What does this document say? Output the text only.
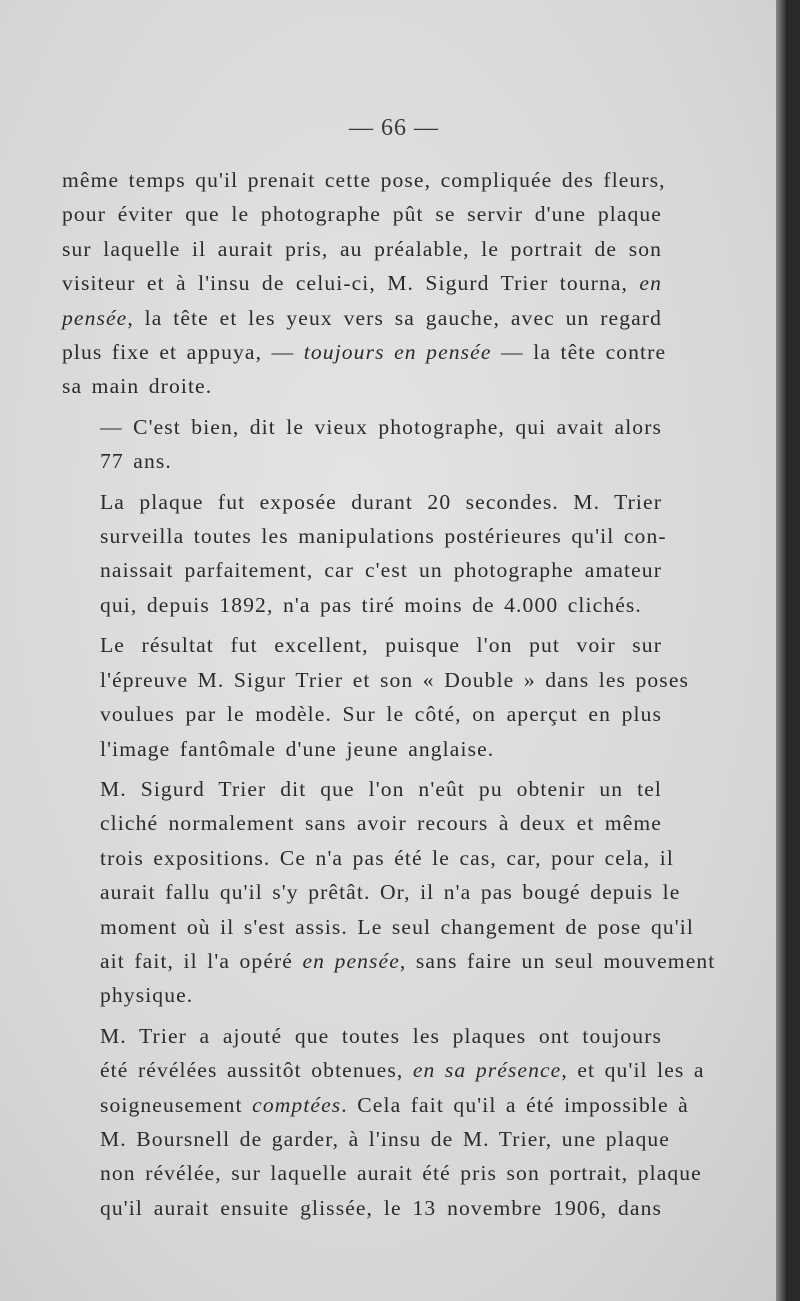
— 66 —

même temps qu'il prenait cette pose, compliquée des fleurs,
pour éviter que le photographe pût se servir d'une plaque
sur laquelle il aurait pris, au préalable, le portrait de son
visiteur et à l'insu de celui-ci, M. Sigurd Trier tourna, en
pensée, la tête et les yeux vers sa gauche, avec un regard
plus fixe et appuya, — toujours en pensée — la tête contre
sa main droite.

— C'est bien, dit le vieux photographe, qui avait alors
77 ans.

La plaque fut exposée durant 20 secondes. M. Trier
surveilla toutes les manipulations postérieures qu'il con-
naissait parfaitement, car c'est un photographe amateur
qui, depuis 1892, n'a pas tiré moins de 4.000 clichés.

Le résultat fut excellent, puisque l'on put voir sur
l'épreuve M. Sigur Trier et son « Double » dans les poses
voulues par le modèle. Sur le côté, on aperçut en plus
l'image fantômale d'une jeune anglaise.

M. Sigurd Trier dit que l'on n'eût pu obtenir un tel
cliché normalement sans avoir recours à deux et même
trois expositions. Ce n'a pas été le cas, car, pour cela, il
aurait fallu qu'il s'y prêtât. Or, il n'a pas bougé depuis le
moment où il s'est assis. Le seul changement de pose qu'il
ait fait, il l'a opéré en pensée, sans faire un seul mouvement
physique.

M. Trier a ajouté que toutes les plaques ont toujours
été révélées aussitôt obtenues, en sa présence, et qu'il les a
soigneusement comptées. Cela fait qu'il a été impossible à
M. Boursnell de garder, à l'insu de M. Trier, une plaque
non révélée, sur laquelle aurait été pris son portrait, plaque
qu'il aurait ensuite glissée, le 13 novembre 1906, dans
